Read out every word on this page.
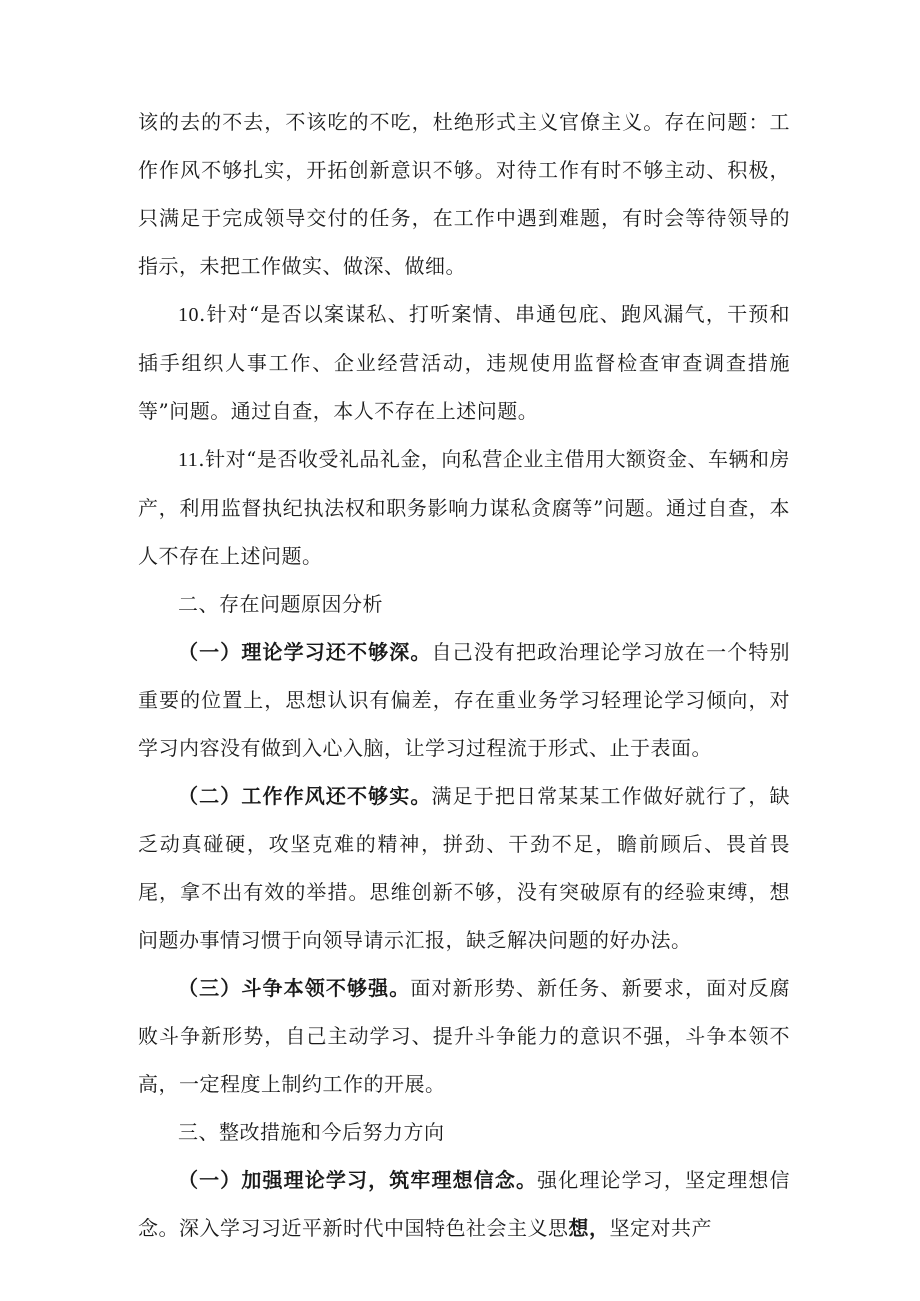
该的去的不去，不该吃的不吃，杜绝形式主义官僚主义。存在问题：工作作风不够扎实，开拓创新意识不够。对待工作有时不够主动、积极，只满足于完成领导交付的任务，在工作中遇到难题，有时会等待领导的指示，未把工作做实、做深、做细。

10.针对“是否以案谋私、打听案情、串通包庇、跑风漏气，干预和插手组织人事工作、企业经营活动，违规使用监督检查审查调查措施等”问题。通过自查，本人不存在上述问题。

11.针对“是否收受礼品礼金，向私营企业主借用大额资金、车辆和房产，利用监督执纪执法权和职务影响力谋私贪腐等”问题。通过自查，本人不存在上述问题。

二、存在问题原因分析

（一）理论学习还不够深。自己没有把政治理论学习放在一个特别重要的位置上，思想认识有偏差，存在重业务学习轻理论学习倾向，对学习内容没有做到入心入脑，让学习过程流于形式、止于表面。

（二）工作作风还不够实。满足于把日常某某工作做好就行了，缺乏动真碰硬，攻坚克难的精神，拼劲、干劲不足，瞻前顾后、畏首畏尾，拿不出有效的举措。思维创新不够，没有突破原有的经验束缚，想问题办事情习惯于向领导请示汇报，缺乏解决问题的好办法。

（三）斗争本领不够强。面对新形势、新任务、新要求，面对反腐败斗争新形势，自己主动学习、提升斗争能力的意识不强，斗争本领不高，一定程度上制约工作的开展。

三、整改措施和今后努力方向

（一）加强理论学习，筑牢理想信念。强化理论学习，坚定理想信念。深入学习习近平新时代中国特色社会主义思想，坚定对共产
